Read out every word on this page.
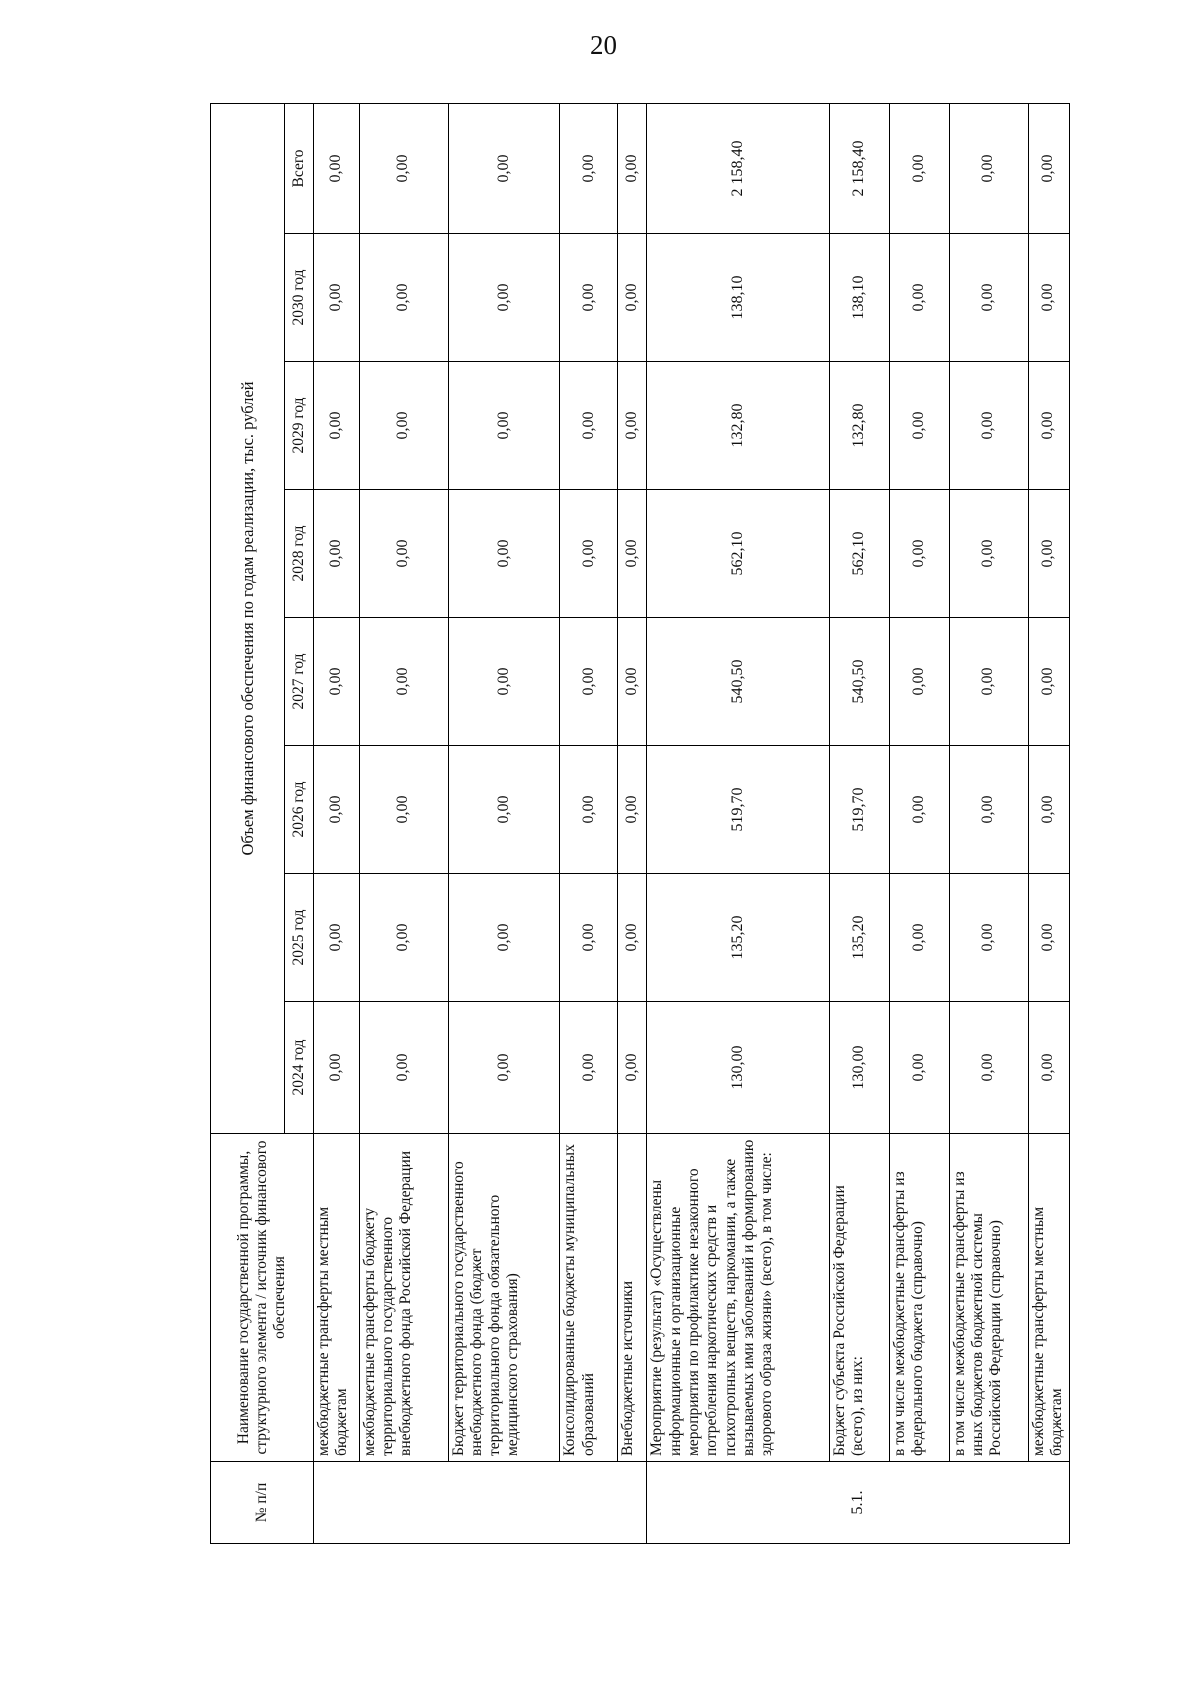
20
№ п/п	Наименование государственной программы, структурного элемента / источник финансового обеспечения	Объем финансового обеспечения по годам реализации, тыс. рублей							
		2024 год	2025 год	2026 год	2027 год	2028 год	2029 год	2030 год	Всего
	межбюджетные трансферты местным бюджетам	0,00	0,00	0,00	0,00	0,00	0,00	0,00	0,00
	межбюджетные трансферты бюджету территориального государственного внебюджетного фонда Российской Федерации	0,00	0,00	0,00	0,00	0,00	0,00	0,00	0,00
	Бюджет территориального государственного внебюджетного фонда (бюджет территориального фонда обязательного медицинского страхования)	0,00	0,00	0,00	0,00	0,00	0,00	0,00	0,00
	Консолидированные бюджеты муниципальных образований	0,00	0,00	0,00	0,00	0,00	0,00	0,00	0,00
	Внебюджетные источники	0,00	0,00	0,00	0,00	0,00	0,00	0,00	0,00
5.1.	Мероприятие (результат) «Осуществлены информационные и организационные мероприятия по профилактике незаконного потребления наркотических средств и психотропных веществ, наркомании, а также вызываемых ими заболеваний и формированию здорового образа жизни» (всего), в том числе:	130,00	135,20	519,70	540,50	562,10	132,80	138,10	2 158,40
	Бюджет субъекта Российской Федерации (всего), из них:	130,00	135,20	519,70	540,50	562,10	132,80	138,10	2 158,40
	в том числе межбюджетные трансферты из федерального бюджета (справочно)	0,00	0,00	0,00	0,00	0,00	0,00	0,00	0,00
	в том числе межбюджетные трансферты из иных бюджетов бюджетной системы Российской Федерации (справочно)	0,00	0,00	0,00	0,00	0,00	0,00	0,00	0,00
	межбюджетные трансферты местным бюджетам	0,00	0,00	0,00	0,00	0,00	0,00	0,00	0,00
